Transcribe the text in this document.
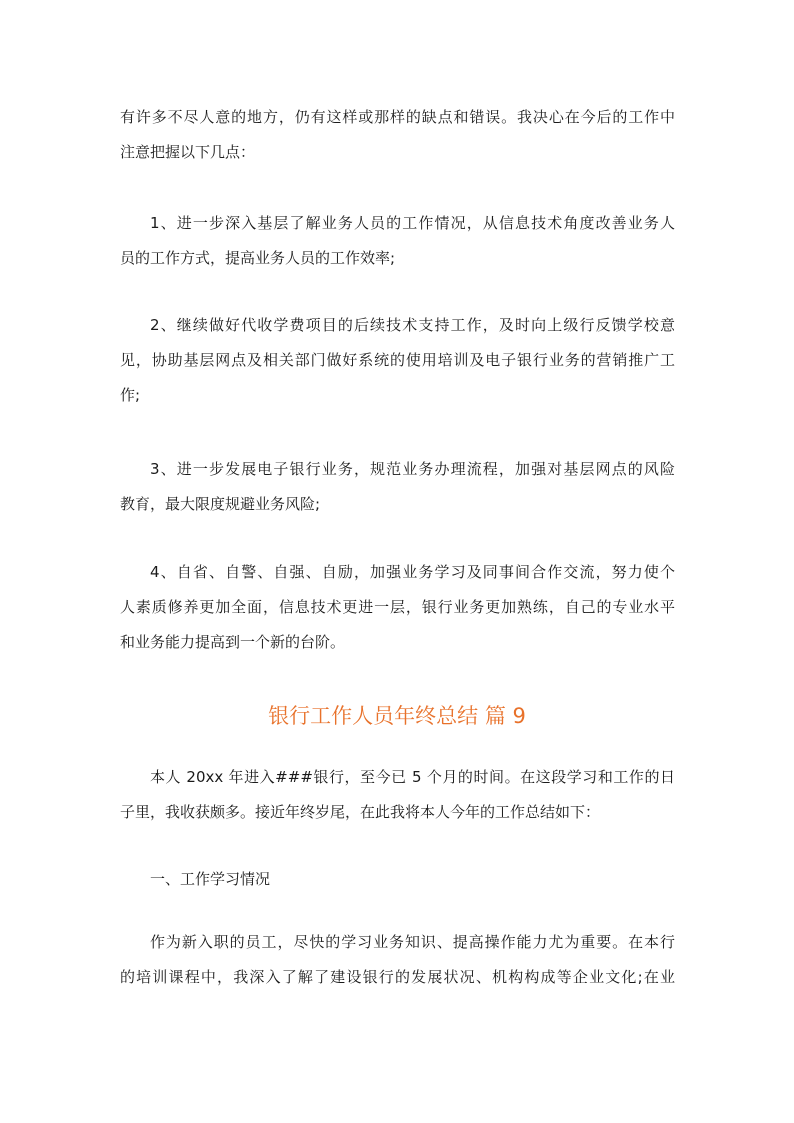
有许多不尽人意的地方，仍有这样或那样的缺点和错误。我决心在今后的工作中
注意把握以下几点：
1、进一步深入基层了解业务人员的工作情况，从信息技术角度改善业务人
员的工作方式，提高业务人员的工作效率;
2、继续做好代收学费项目的后续技术支持工作，及时向上级行反馈学校意
见，协助基层网点及相关部门做好系统的使用培训及电子银行业务的营销推广工
作;
3、进一步发展电子银行业务，规范业务办理流程，加强对基层网点的风险
教育，最大限度规避业务风险;
4、自省、自警、自强、自励，加强业务学习及同事间合作交流，努力使个
人素质修养更加全面，信息技术更进一层，银行业务更加熟练，自己的专业水平
和业务能力提高到一个新的台阶。
银行工作人员年终总结 篇 9
本人 20xx 年进入###银行，至今已 5 个月的时间。在这段学习和工作的日
子里，我收获颇多。接近年终岁尾，在此我将本人今年的工作总结如下：
一、工作学习情况
作为新入职的员工，尽快的学习业务知识、提高操作能力尤为重要。在本行
的培训课程中，我深入了解了建设银行的发展状况、机构构成等企业文化;在业
